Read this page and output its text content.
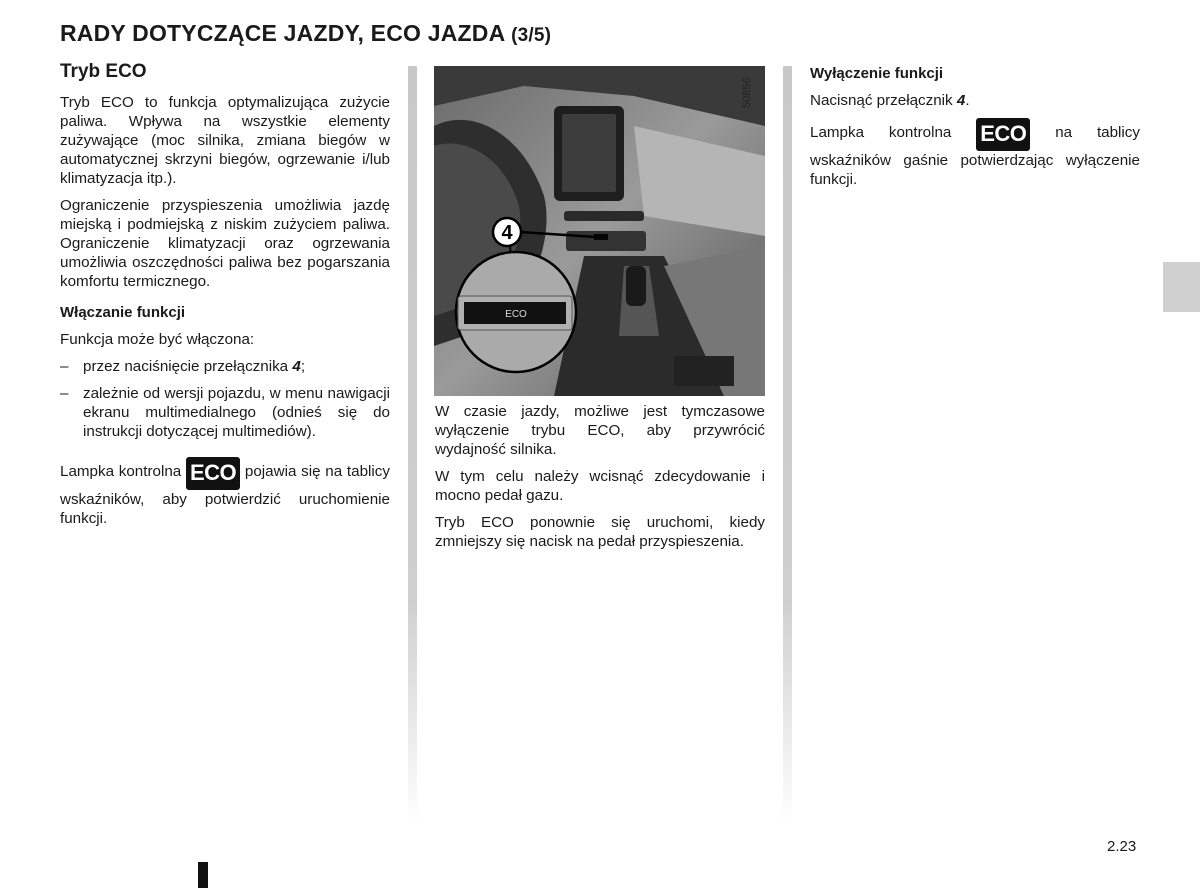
RADY DOTYCZĄCE JAZDY, ECO JAZDA (3/5)
Tryb ECO

Tryb ECO to funkcja optymalizująca zużycie paliwa. Wpływa na wszystkie elementy zużywające (moc silnika, zmiana biegów w automatycznej skrzyni biegów, ogrzewanie i/lub klimatyzacja itp.).

Ograniczenie przyspieszenia umożliwia jazdę miejską i podmiejską z niskim zużyciem paliwa. Ograniczenie klimatyzacji oraz ogrzewania umożliwia oszczędności paliwa bez pogarszania komfortu termicznego.

Włączanie funkcji

Funkcja może być włączona:

– przez naciśnięcie przełącznika 4;
– zależnie od wersji pojazdu, w menu nawigacji ekranu multimedialnego (odnieś się do instrukcji dotyczącej multimediów).

Lampka kontrolna ECO pojawia się na tablicy wskaźników, aby potwierdzić uruchomienie funkcji.

50856
4
ECO

W czasie jazdy, możliwe jest tymczasowe wyłączenie trybu ECO, aby przywrócić wydajność silnika.

W tym celu należy wcisnąć zdecydowanie i mocno pedał gazu.

Tryb ECO ponownie się uruchomi, kiedy zmniejszy się nacisk na pedał przyspieszenia.

Wyłączenie funkcji

Nacisnąć przełącznik 4.

Lampka kontrolna ECO na tablicy wskaźników gaśnie potwierdzając wyłączenie funkcji.

2.23
